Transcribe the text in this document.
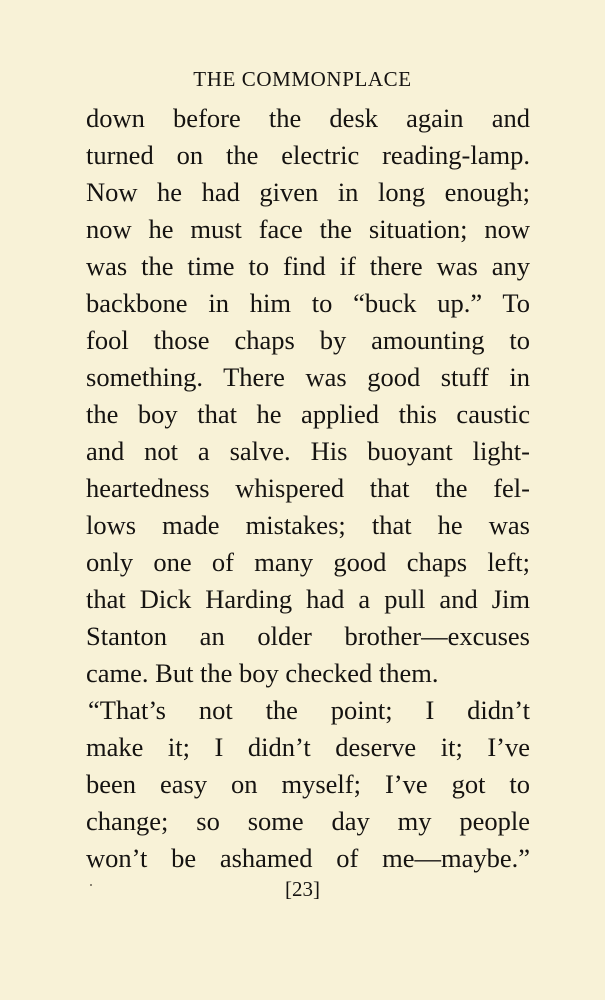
THE COMMONPLACE
down before the desk again and
turned on the electric reading-lamp.
Now he had given in long enough;
now he must face the situation; now
was the time to find if there was any
backbone in him to “buck up.” To
fool those chaps by amounting to
something. There was good stuff in
the boy that he applied this caustic
and not a salve. His buoyant light-
heartedness whispered that the fel-
lows made mistakes; that he was
only one of many good chaps left;
that Dick Harding had a pull and Jim
Stanton an older brother—excuses
came. But the boy checked them.
“That’s not the point; I didn’t
make it; I didn’t deserve it; I’ve
been easy on myself; I’ve got to
change; so some day my people
won’t be ashamed of me—maybe.”
[23]
